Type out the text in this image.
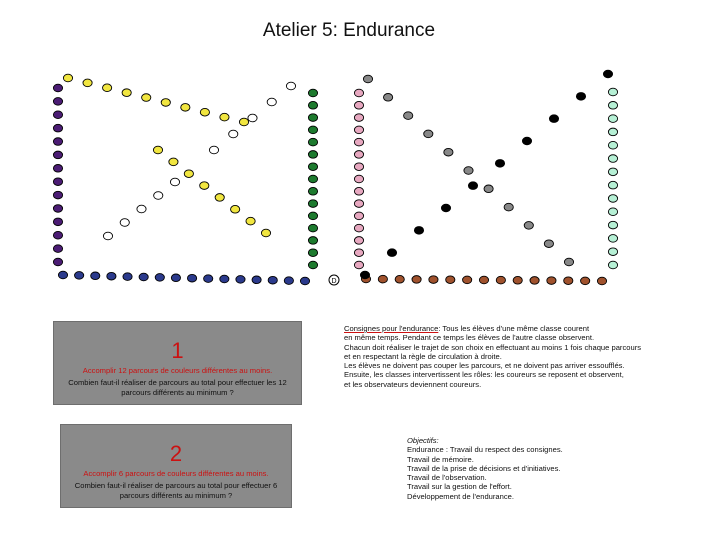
Atelier 5: Endurance
D
1
Accomplir 12 parcours de couleurs différentes au moins.
Combien faut-il réaliser de parcours au total pour effectuer les 12 parcours différents au minimum ?
2
Accomplir 6 parcours de couleurs différentes au moins.
Combien faut-il réaliser de parcours au total pour effectuer 6 parcours différents au minimum ?
Consignes pour l'endurance: Tous les élèves d'une même classe courent
en même temps. Pendant ce temps les élèves de l'autre classe observent.
Chacun doit réaliser le trajet de son choix en effectuant au moins 1 fois chaque parcours
et en respectant la règle de circulation à droite.
Les élèves ne doivent pas couper les parcours, et ne doivent pas arriver essoufflés.
Ensuite, les classes intervertissent les rôles: les coureurs se reposent et observent,
et les observateurs deviennent coureurs.
Objectifs:
Endurance : Travail du respect des consignes.
Travail de mémoire.
Travail de la prise de décisions et d'initiatives.
Travail de l'observation.
Travail sur la gestion de l'effort.
Développement de l'endurance.
